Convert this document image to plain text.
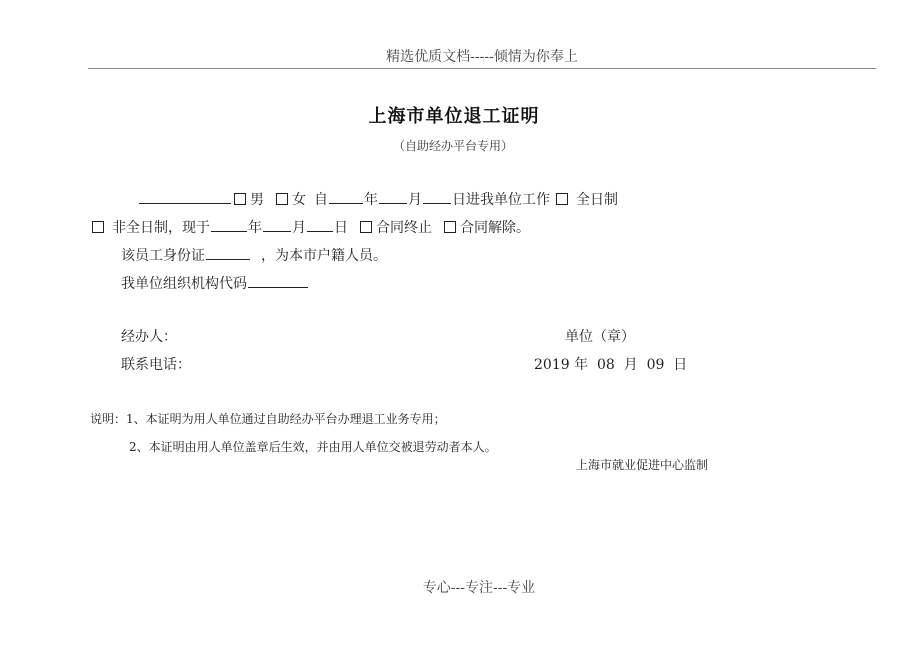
精选优质文档-----倾情为你奉上
上海市单位退工证明
（自助经办平台专用）
男 女 自	年 月 日进我单位工作 全日制
非全日制，现于	年 月 日 合同终止 合同解除。
该员工身份证	，为本市户籍人员。
我单位组织机构代码
经办人：	单位（章）
联系电话：	2019 年  08  月  09  日
说明：1、本证明为用人单位通过自助经办平台办理退工业务专用；
2、本证明由用人单位盖章后生效，并由用人单位交被退劳动者本人。
上海市就业促进中心监制
专心---专注---专业
